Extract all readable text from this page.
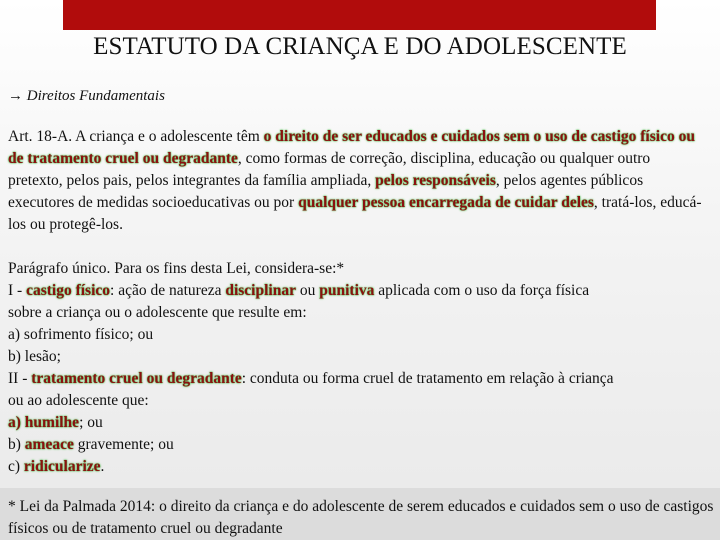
ESTATUTO DA CRIANÇA E DO ADOLESCENTE
→ Direitos Fundamentais
Art. 18-A. A criança e o adolescente têm o direito de ser educados e cuidados sem o uso de castigo físico ou de tratamento cruel ou degradante, como formas de correção, disciplina, educação ou qualquer outro pretexto, pelos pais, pelos integrantes da família ampliada, pelos responsáveis, pelos agentes públicos executores de medidas socioeducativas ou por qualquer pessoa encarregada de cuidar deles, tratá-los, educá-los ou protegê-los.
Parágrafo único. Para os fins desta Lei, considera-se:*
I - castigo físico: ação de natureza disciplinar ou punitiva aplicada com o uso da força física
sobre a criança ou o adolescente que resulte em:
a) sofrimento físico; ou
b) lesão;
II - tratamento cruel ou degradante: conduta ou forma cruel de tratamento em relação à criança
ou ao adolescente que:
a) humilhe; ou
b) ameace gravemente; ou
c) ridicularize.
* Lei da Palmada 2014: o direito da criança e do adolescente de serem educados e cuidados sem o uso de castigos físicos ou de tratamento cruel ou degradante
